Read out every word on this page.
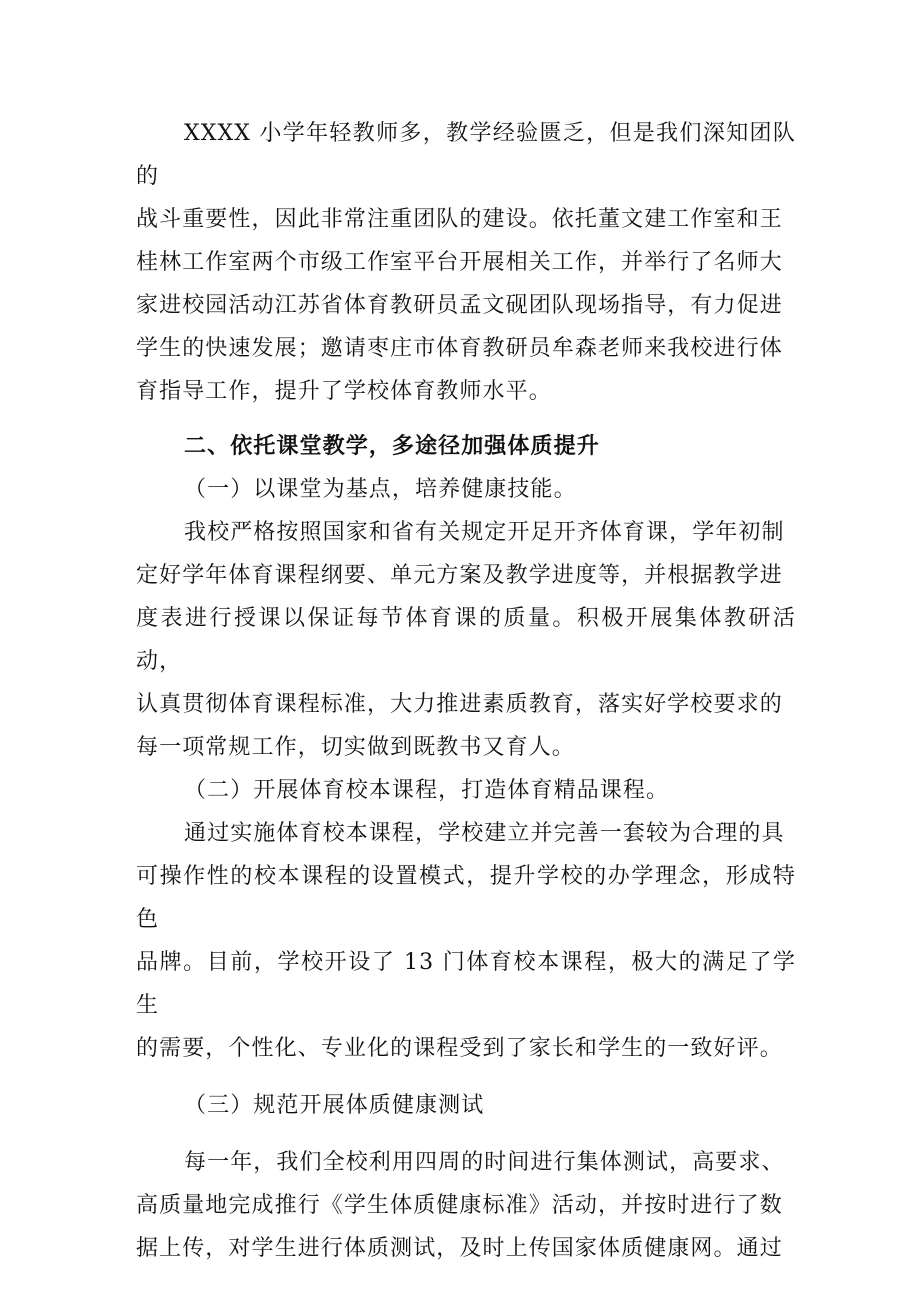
XXXX 小学年轻教师多，教学经验匮乏，但是我们深知团队的
战斗重要性，因此非常注重团队的建设。依托董文建工作室和王
桂林工作室两个市级工作室平台开展相关工作，并举行了名师大
家进校园活动江苏省体育教研员孟文砚团队现场指导，有力促进
学生的快速发展；邀请枣庄市体育教研员牟森老师来我校进行体
育指导工作，提升了学校体育教师水平。

二、依托课堂教学，多途径加强体质提升

（一）以课堂为基点，培养健康技能。

我校严格按照国家和省有关规定开足开齐体育课，学年初制
定好学年体育课程纲要、单元方案及教学进度等，并根据教学进
度表进行授课以保证每节体育课的质量。积极开展集体教研活动，
认真贯彻体育课程标准，大力推进素质教育，落实好学校要求的
每一项常规工作，切实做到既教书又育人。

（二）开展体育校本课程，打造体育精品课程。

通过实施体育校本课程，学校建立并完善一套较为合理的具
可操作性的校本课程的设置模式，提升学校的办学理念，形成特色
品牌。目前，学校开设了 13 门体育校本课程，极大的满足了学生
的需要，个性化、专业化的课程受到了家长和学生的一致好评。

（三）规范开展体质健康测试

每一年，我们全校利用四周的时间进行集体测试，高要求、
高质量地完成推行《学生体质健康标准》活动，并按时进行了数
据上传，对学生进行体质测试，及时上传国家体质健康网。通过
